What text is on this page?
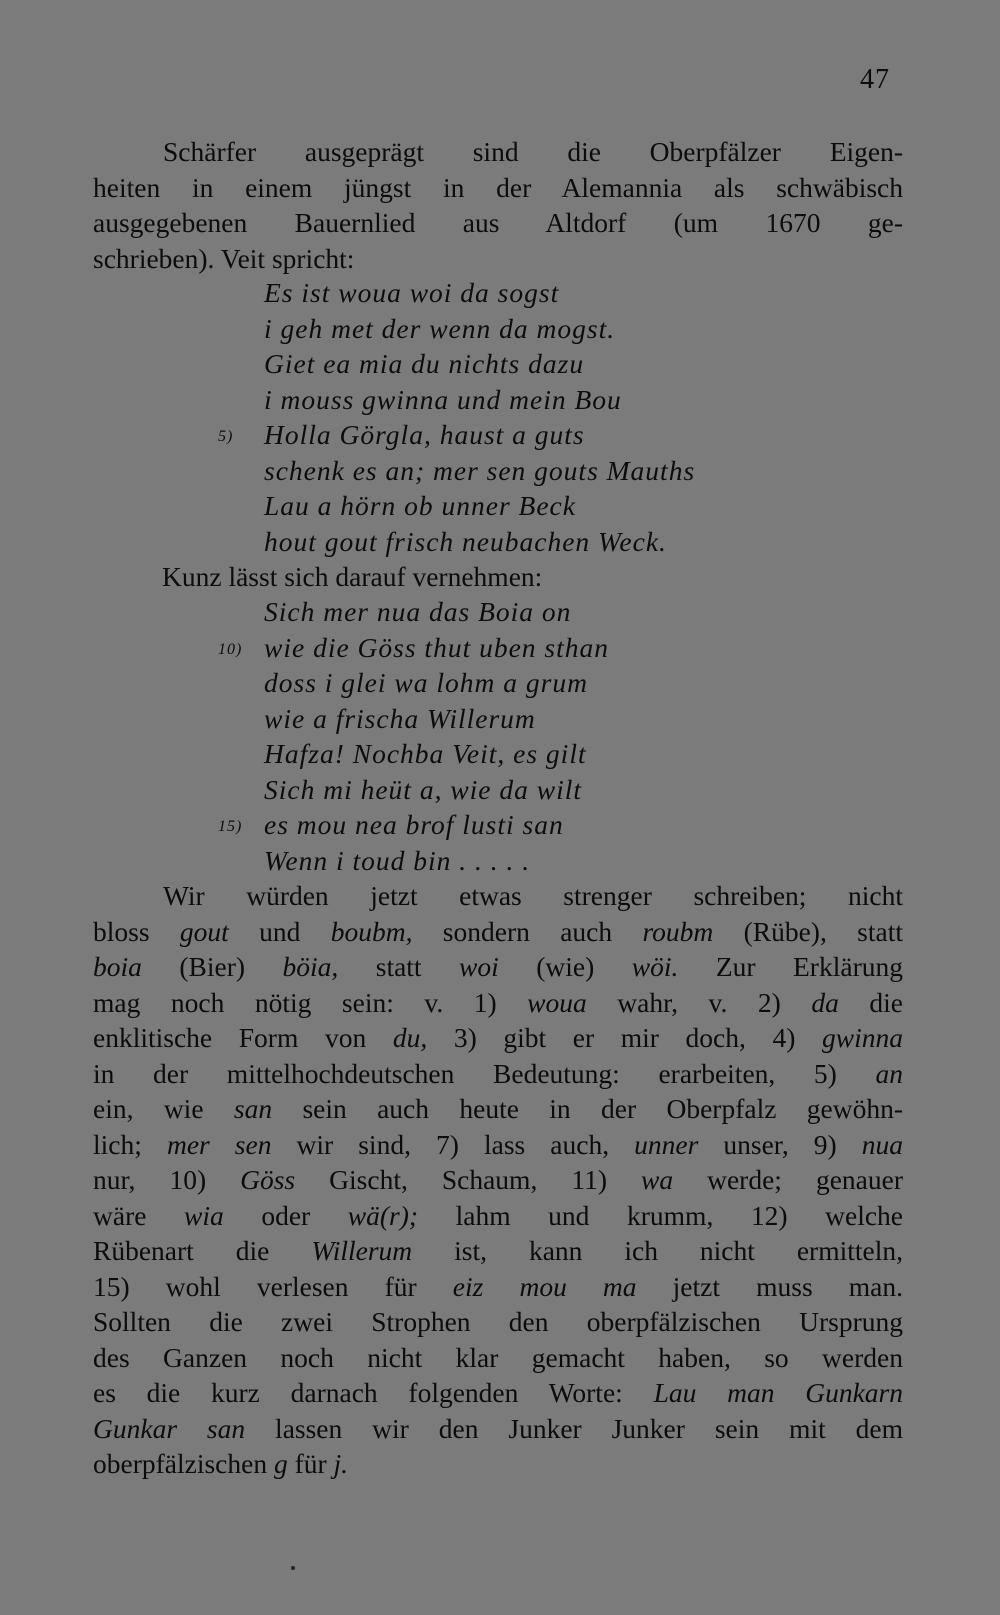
47
Schärfer ausgeprägt sind die Oberpfälzer Eigen-
heiten in einem jüngst in der Alemannia als schwäbisch
ausgegebenen Bauernlied aus Altdorf (um 1670 ge-
schrieben). Veit spricht:
Es ist woua woi da sogst
i geh met der wenn da mogst.
Giet ea mia du nichts dazu
i mouss gwinna und mein Bou
5) Holla Görgla, haust a guts
schenk es an; mer sen gouts Mauths
Lau a hörn ob unner Beck
hout gout frisch neubachen Weck.
Kunz lässt sich darauf vernehmen:
Sich mer nua das Boia on
10) wie die Göss thut uben sthan
doss i glei wa lohm a grum
wie a frischa Willerum
Hafza! Nochba Veit, es gilt
Sich mi heüt a, wie da wilt
15) es mou nea brof lusti san
Wenn i toud bin . . . . .
Wir würden jetzt etwas strenger schreiben; nicht
bloss gout und boubm, sondern auch roubm (Rübe), statt
boia (Bier) böia, statt woi (wie) wöi. Zur Erklärung
mag noch nötig sein: v. 1) woua wahr, v. 2) da die
enklitische Form von du, 3) gibt er mir doch, 4) gwinna
in der mittelhochdeutschen Bedeutung: erarbeiten, 5) an
ein, wie san sein auch heute in der Oberpfalz gewöhn-
lich; mer sen wir sind, 7) lass auch, unner unser, 9) nua
nur, 10) Göss Gischt, Schaum, 11) wa werde; genauer
wäre wia oder wä(r); lahm und krumm, 12) welche
Rübenart die Willerum ist, kann ich nicht ermitteln,
15) wohl verlesen für eiz mou ma jetzt muss man.
Sollten die zwei Strophen den oberpfälzischen Ursprung
des Ganzen noch nicht klar gemacht haben, so werden
es die kurz darnach folgenden Worte: Lau man Gunkarn
Gunkar san lassen wir den Junker Junker sein mit dem
oberpfälzischen g für j.
